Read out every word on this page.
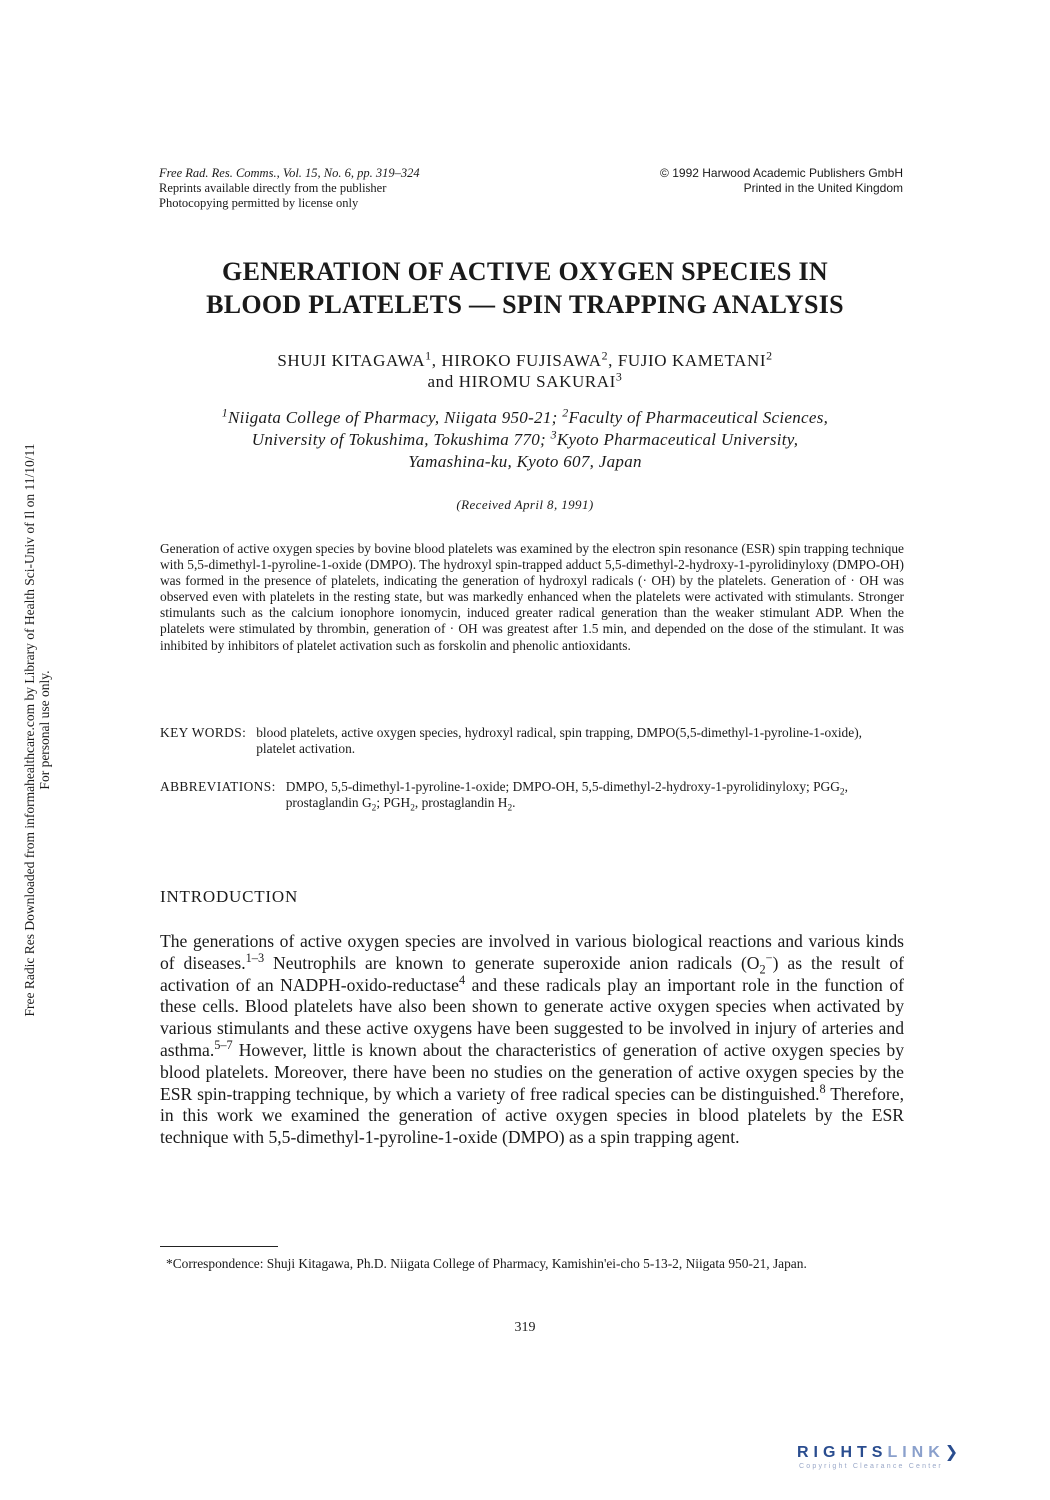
Free Rad. Res. Comms., Vol. 15, No. 6, pp. 319–324
Reprints available directly from the publisher
Photocopying permitted by license only
© 1992 Harwood Academic Publishers GmbH
Printed in the United Kingdom
GENERATION OF ACTIVE OXYGEN SPECIES IN
BLOOD PLATELETS — SPIN TRAPPING ANALYSIS
SHUJI KITAGAWA$^1$, HIROKO FUJISAWA$^2$, FUJIO KAMETANI$^2$
and HIROMU SAKURAI$^3$
$^1$Niigata College of Pharmacy, Niigata 950-21; $^2$Faculty of Pharmaceutical Sciences,
University of Tokushima, Tokushima 770; $^3$Kyoto Pharmaceutical University,
Yamashina-ku, Kyoto 607, Japan
(Received April 8, 1991)

Generation of active oxygen species by bovine blood platelets was examined by the electron spin resonance (ESR) spin trapping technique with 5,5-dimethyl-1-pyroline-1-oxide (DMPO). The hydroxyl spin-trapped adduct 5,5-dimethyl-2-hydroxy-1-pyrolidinyloxy (DMPO-OH) was formed in the presence of platelets, indicating the generation of hydroxyl radicals (· OH) by the platelets. Generation of · OH was observed even with platelets in the resting state, but was markedly enhanced when the platelets were activated with stimulants. Stronger stimulants such as the calcium ionophore ionomycin, induced greater radical generation than the weaker stimulant ADP. When the platelets were stimulated by thrombin, generation of · OH was greatest after 1.5 min, and depended on the dose of the stimulant. It was inhibited by inhibitors of platelet activation such as forskolin and phenolic antioxidants.

KEY WORDS: blood platelets, active oxygen species, hydroxyl radical, spin trapping, DMPO(5,5-dimethyl-1-pyroline-1-oxide), platelet activation.
ABBREVIATIONS: DMPO, 5,5-dimethyl-1-pyroline-1-oxide; DMPO-OH, 5,5-dimethyl-2-hydroxy-1-pyrolidinyloxy; $PGG_2$, prostaglandin $G_2$; $PGH_2$, prostaglandin $H_2$.
INTRODUCTION

The generations of active oxygen species are involved in various biological reactions and various kinds of diseases.$^{1-3}$ Neutrophils are known to generate superoxide anion radicals $(O_2^-)$ as the result of activation of an NADPH-oxido-reductase$^4$ and these radicals play an important role in the function of these cells. Blood platelets have also been shown to generate active oxygen species when activated by various stimulants and these active oxygens have been suggested to be involved in injury of arteries and asthma.$^{5-7}$ However, little is known about the characteristics of generation of active oxygen species by blood platelets. Moreover, there have been no studies on the generation of active oxygen species by the ESR spin-trapping technique, by which a variety of free radical species can be distinguished.$^8$ Therefore, in this work we examined the generation of active oxygen species in blood platelets by the ESR technique with 5,5-dimethyl-1-pyroline-1-oxide (DMPO) as a spin trapping agent.

*Correspondence: Shuji Kitagawa, Ph.D. Niigata College of Pharmacy, Kamishin'ei-cho 5-13-2, Niigata 950-21, Japan.
319
Free Radic Res Downloaded from informahealthcare.com by Library of Health Sci-Univ of Il on 11/10/11 For personal use only.
RIGHTSLINK❯
Copyright Clearance Center
